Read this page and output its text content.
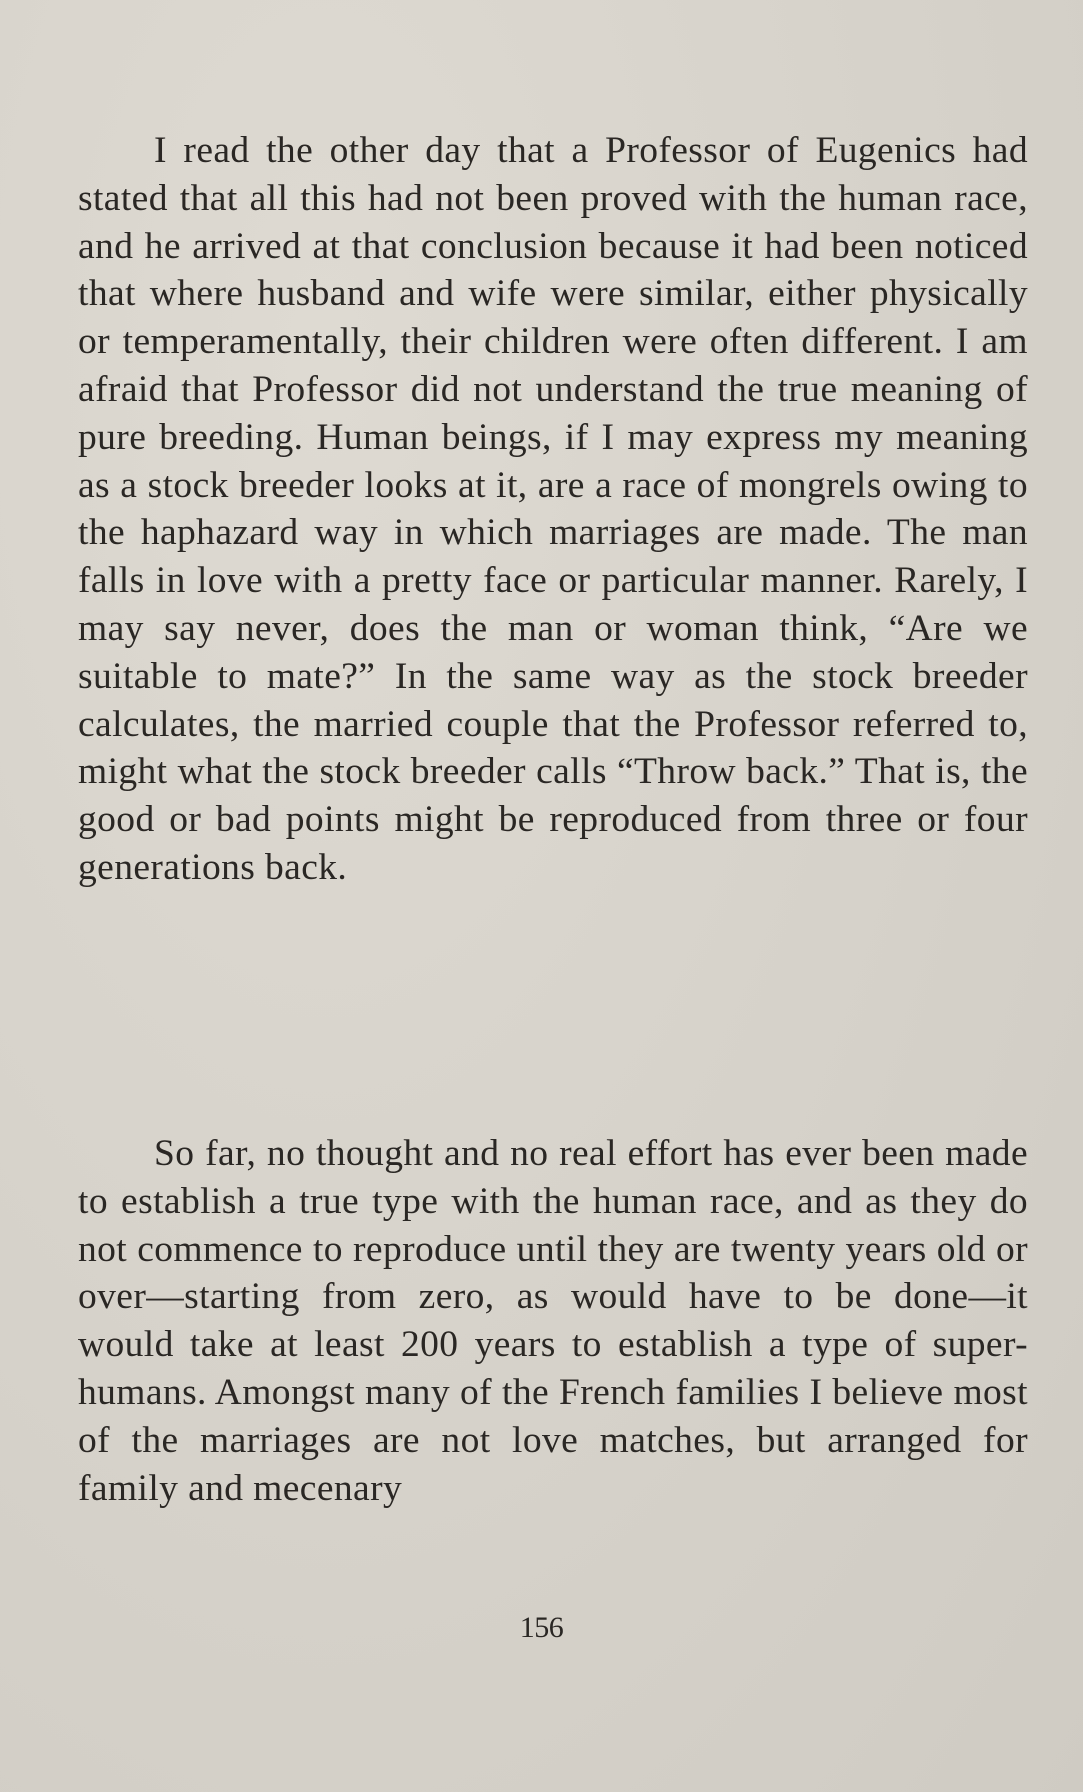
I read the other day that a Professor of Eugenics had stated that all this had not been proved with the human race, and he arrived at that conclusion because it had been noticed that where husband and wife were similar, either physically or temperamentally, their children were often different. I am afraid that Professor did not understand the true meaning of pure breeding. Human beings, if I may express my meaning as a stock breeder looks at it, are a race of mongrels owing to the haphazard way in which marriages are made. The man falls in love with a pretty face or particular manner. Rarely, I may say never, does the man or woman think, “Are we suitable to mate?” In the same way as the stock breeder calculates, the married couple that the Professor referred to, might what the stock breeder calls “Throw back.” That is, the good or bad points might be reproduced from three or four generations back.

So far, no thought and no real effort has ever been made to establish a true type with the human race, and as they do not commence to reproduce until they are twenty years old or over—starting from zero, as would have to be done—it would take at least 200 years to establish a type of super-humans. Amongst many of the French families I believe most of the marriages are not love matches, but arranged for family and mecenary

156
